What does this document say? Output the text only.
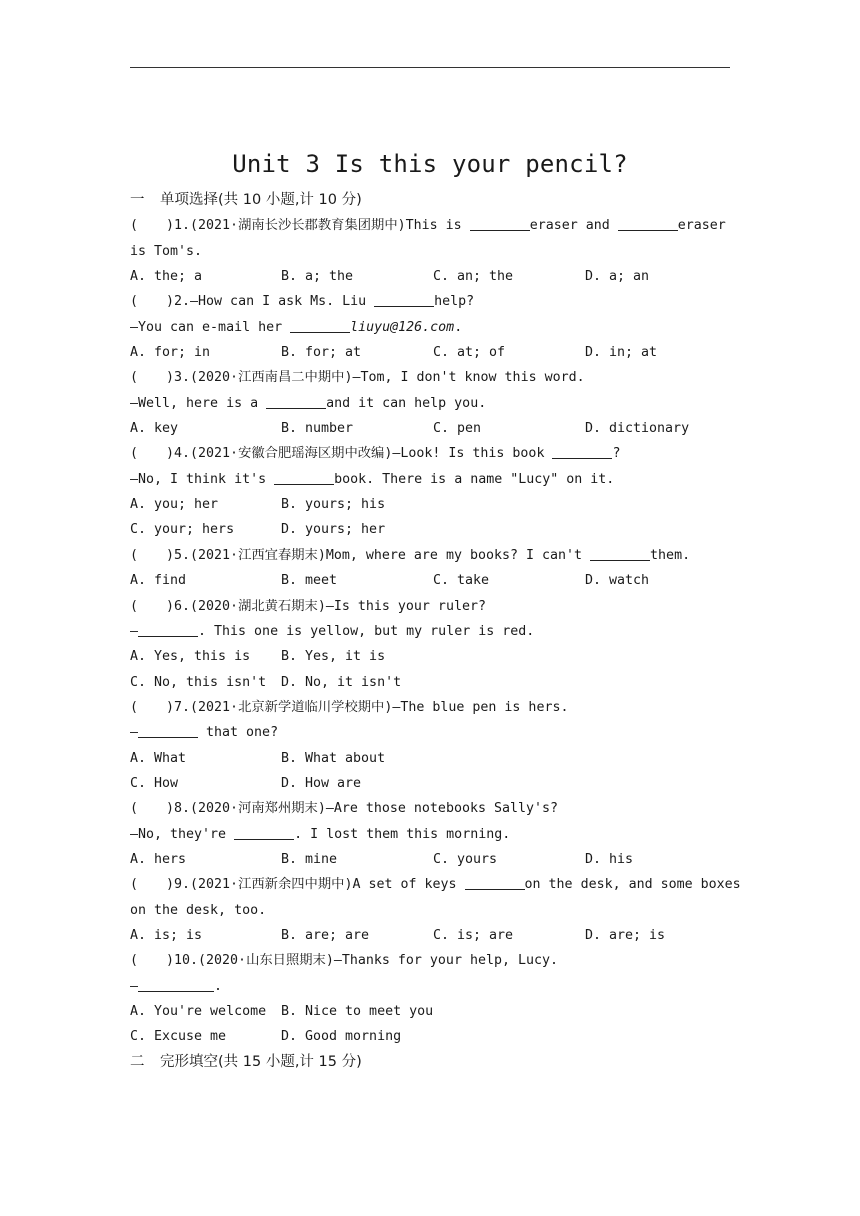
Unit 3 Is this your pencil?
一 单项选择(共 10 小题,计 10 分)
( )1.(2021·湖南长沙长郡教育集团期中)This is	eraser and	eraser
is Tom's.
A. the; a	B. a; the	C. an; the	D. a; an
( )2.—How can I ask Ms. Liu	help?
—You can e-mail her	liuyu@126.com.
A. for; in	B. for; at	C. at; of	D. in; at
( )3.(2020·江西南昌二中期中)—Tom, I don't know this word.
—Well, here is a	and it can help you.
A. key	B. number	C. pen	D. dictionary
( )4.(2021·安徽合肥瑶海区期中改编)—Look! Is this book	?
—No, I think it's	book. There is a name "Lucy" on it.
A. you; her	B. yours; his
C. your; hers	D. yours; her
( )5.(2021·江西宜春期末)Mom, where are my books? I can't	them.
A. find	B. meet	C. take	D. watch
( )6.(2020·湖北黄石期末)—Is this your ruler?
—	. This one is yellow, but my ruler is red.
A. Yes, this is B. Yes, it is
C. No, this isn't D. No, it isn't
( )7.(2021·北京新学道临川学校期中)—The blue pen is hers.
—	that one?
A. What	B. What about
C. How	D. How are
( )8.(2020·河南郑州期末)—Are those notebooks Sally's?
—No, they're	. I lost them this morning.
A. hers	B. mine	C. yours	D. his
( )9.(2021·江西新余四中期中)A set of keys	on the desk, and some boxes
on the desk, too.
A. is; is	B. are; are	C. is; are	D. are; is
( )10.(2020·山东日照期末)—Thanks for your help, Lucy.
—	.
A. You're welcome B. Nice to meet you
C. Excuse me	D. Good morning
二 完形填空(共 15 小题,计 15 分)
